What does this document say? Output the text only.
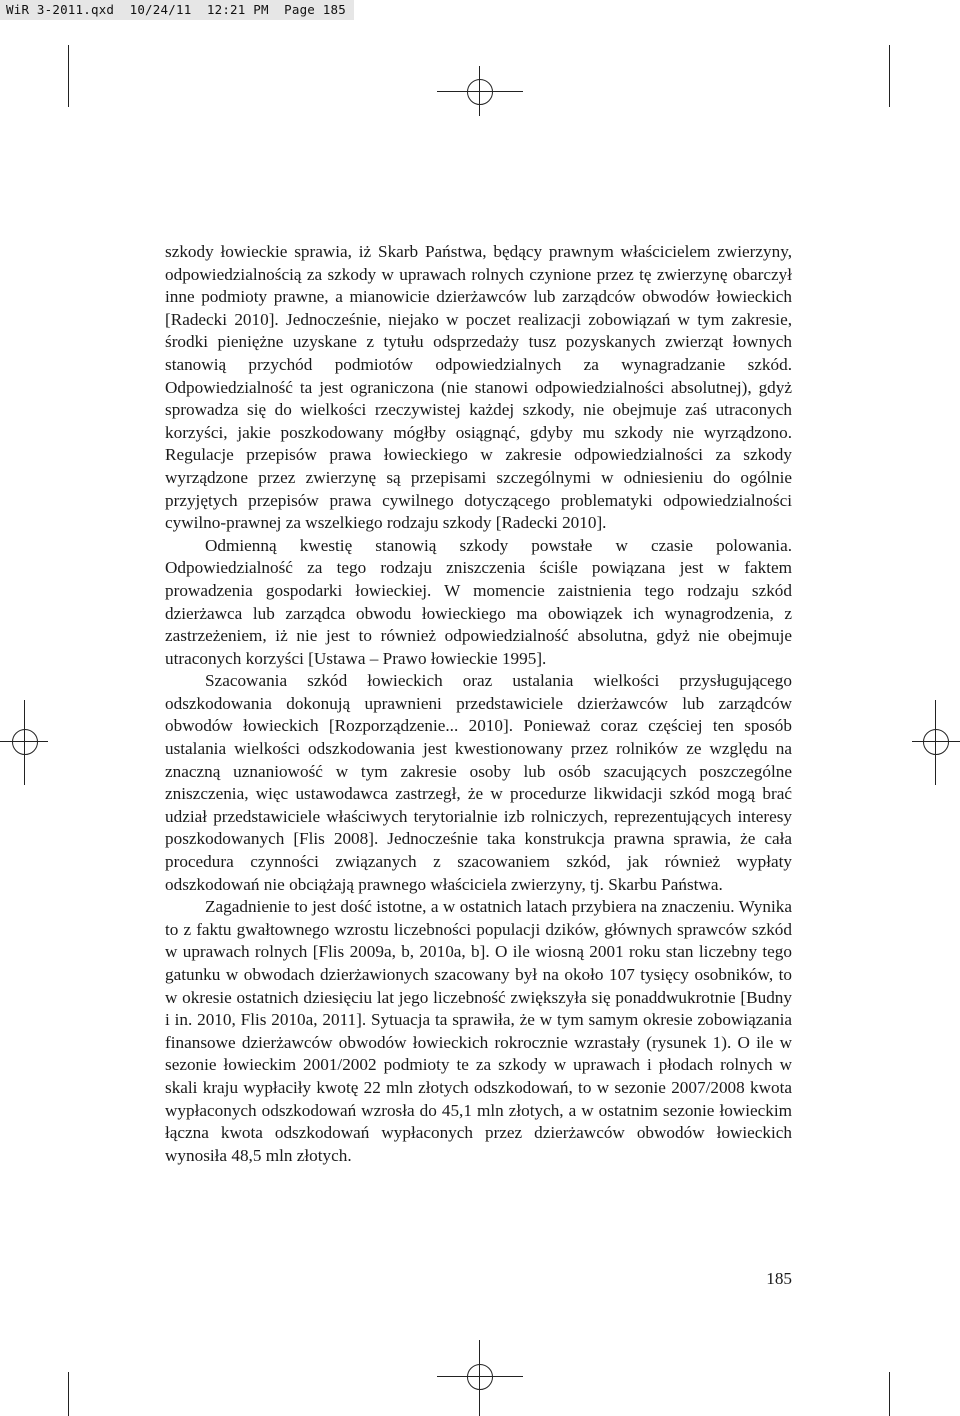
WiR 3-2011.qxd  10/24/11  12:21 PM  Page 185

szkody łowieckie sprawia, iż Skarb Państwa, będący prawnym właścicielem zwierzyny, odpowiedzialnością za szkody w uprawach rolnych czynione przez tę zwierzynę obarczył inne podmioty prawne, a mianowicie dzierżawców lub zarządców obwodów łowieckich [Radecki 2010]. Jednocześnie, niejako w poczet realizacji zobowiązań w tym zakresie, środki pieniężne uzyskane z tytułu odsprzedaży tusz pozyskanych zwierząt łownych stanowią przychód podmiotów odpowiedzialnych za wynagradzanie szkód. Odpowiedzialność ta jest ograniczona (nie stanowi odpowiedzialności absolutnej), gdyż sprowadza się do wielkości rzeczywistej każdej szkody, nie obejmuje zaś utraconych korzyści, jakie poszkodowany mógłby osiągnąć, gdyby mu szkody nie wyrządzono. Regulacje przepisów prawa łowieckiego w zakresie odpowiedzialności za szkody wyrządzone przez zwierzynę są przepisami szczególnymi w odniesieniu do ogólnie przyjętych przepisów prawa cywilnego dotyczącego problematyki odpowiedzialności cywilno-prawnej za wszelkiego rodzaju szkody [Radecki 2010].

Odmienną kwestię stanowią szkody powstałe w czasie polowania. Odpowiedzialność za tego rodzaju zniszczenia ściśle powiązana jest w faktem prowadzenia gospodarki łowieckiej. W momencie zaistnienia tego rodzaju szkód dzierżawca lub zarządca obwodu łowieckiego ma obowiązek ich wynagrodzenia, z zastrzeżeniem, iż nie jest to również odpowiedzialność absolutna, gdyż nie obejmuje utraconych korzyści [Ustawa – Prawo łowieckie 1995].

Szacowania szkód łowieckich oraz ustalania wielkości przysługującego odszkodowania dokonują uprawnieni przedstawiciele dzierżawców lub zarządców obwodów łowieckich [Rozporządzenie... 2010]. Ponieważ coraz częściej ten sposób ustalania wielkości odszkodowania jest kwestionowany przez rolników ze względu na znaczną uznaniowość w tym zakresie osoby lub osób szacujących poszczególne zniszczenia, więc ustawodawca zastrzegł, że w procedurze likwidacji szkód mogą brać udział przedstawiciele właściwych terytorialnie izb rolniczych, reprezentujących interesy poszkodowanych [Flis 2008]. Jednocześnie taka konstrukcja prawna sprawia, że cała procedura czynności związanych z szacowaniem szkód, jak również wypłaty odszkodowań nie obciążają prawnego właściciela zwierzyny, tj. Skarbu Państwa.

Zagadnienie to jest dość istotne, a w ostatnich latach przybiera na znaczeniu. Wynika to z faktu gwałtownego wzrostu liczebności populacji dzików, głównych sprawców szkód w uprawach rolnych [Flis 2009a, b, 2010a, b]. O ile wiosną 2001 roku stan liczebny tego gatunku w obwodach dzierżawionych szacowany był na około 107 tysięcy osobników, to w okresie ostatnich dziesięciu lat jego liczebność zwiększyła się ponaddwukrotnie [Budny i in. 2010, Flis 2010a, 2011]. Sytuacja ta sprawiła, że w tym samym okresie zobowiązania finansowe dzierżawców obwodów łowieckich rokrocznie wzrastały (rysunek 1). O ile w sezonie łowieckim 2001/2002 podmioty te za szkody w uprawach i płodach rolnych w skali kraju wypłaciły kwotę 22 mln złotych odszkodowań, to w sezonie 2007/2008 kwota wypłaconych odszkodowań wzrosła do 45,1 mln złotych, a w ostatnim sezonie łowieckim łączna kwota odszkodowań wypłaconych przez dzierżawców obwodów łowieckich wynosiła 48,5 mln złotych.

185
